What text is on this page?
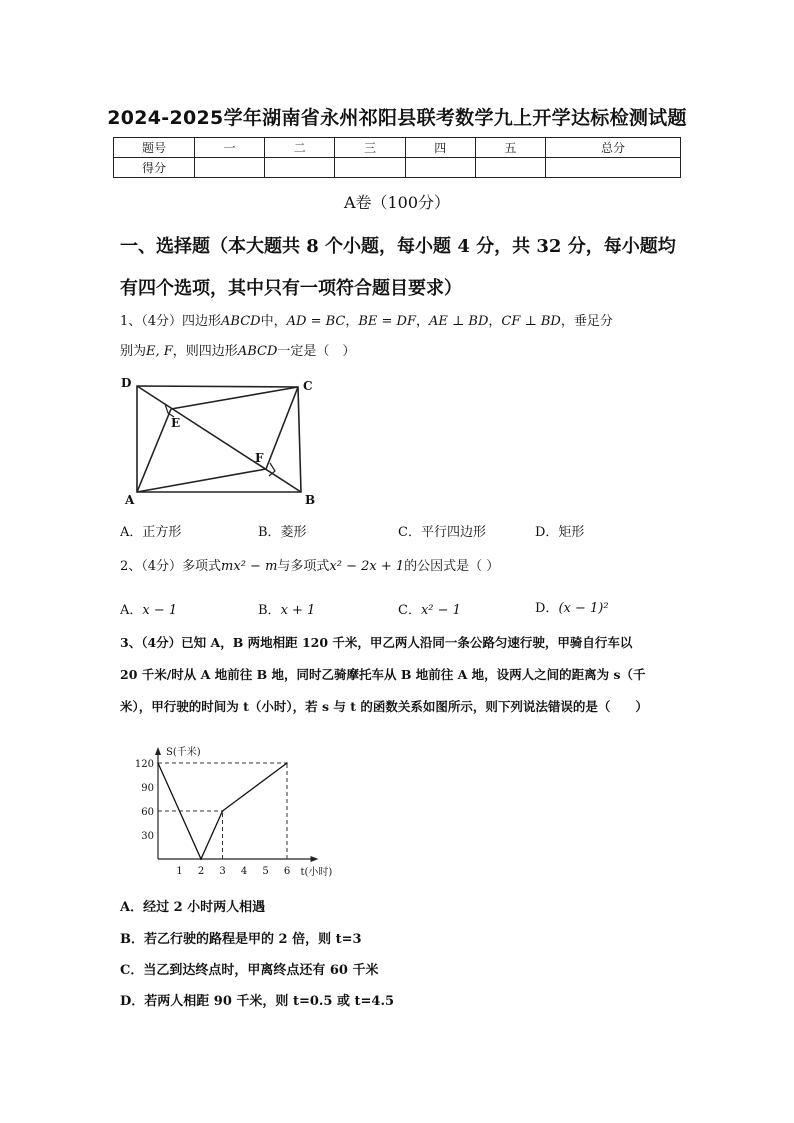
2024-2025学年湖南省永州祁阳县联考数学九上开学达标检测试题
题号	一	二	三	四	五	总分
得分						
A卷（100分）
一、选择题（本大题共 8 个小题，每小题 4 分，共 32 分，每小题均
有四个选项，其中只有一项符合题目要求）
1、（4分）四边形ABCD中，AD = BC，BE = DF，AE ⊥ BD，CF ⊥ BD，垂足分
别为E, F，则四边形ABCD一定是（　）
D	C
E
F
A	B
A．正方形	B．菱形	C．平行四边形	D．矩形
2、（4分）多项式mx² − m与多项式x² − 2x + 1的公因式是（ ）
A．x − 1	B．x + 1	C．x² − 1	D．(x − 1)²
3、（4分）已知 A，B 两地相距 120 千米，甲乙两人沿同一条公路匀速行驶，甲骑自行车以
20 千米/时从 A 地前往 B 地，同时乙骑摩托车从 B 地前往 A 地，设两人之间的距离为 s（千
米），甲行驶的时间为 t（小时），若 s 与 t 的函数关系如图所示，则下列说法错误的是（　　）
1 2 3 4 5 6
30
60
90
120
S(千米)
t(小时)
A．经过 2 小时两人相遇
B．若乙行驶的路程是甲的 2 倍，则 t=3
C．当乙到达终点时，甲离终点还有 60 千米
D．若两人相距 90 千米，则 t=0.5 或 t=4.5
